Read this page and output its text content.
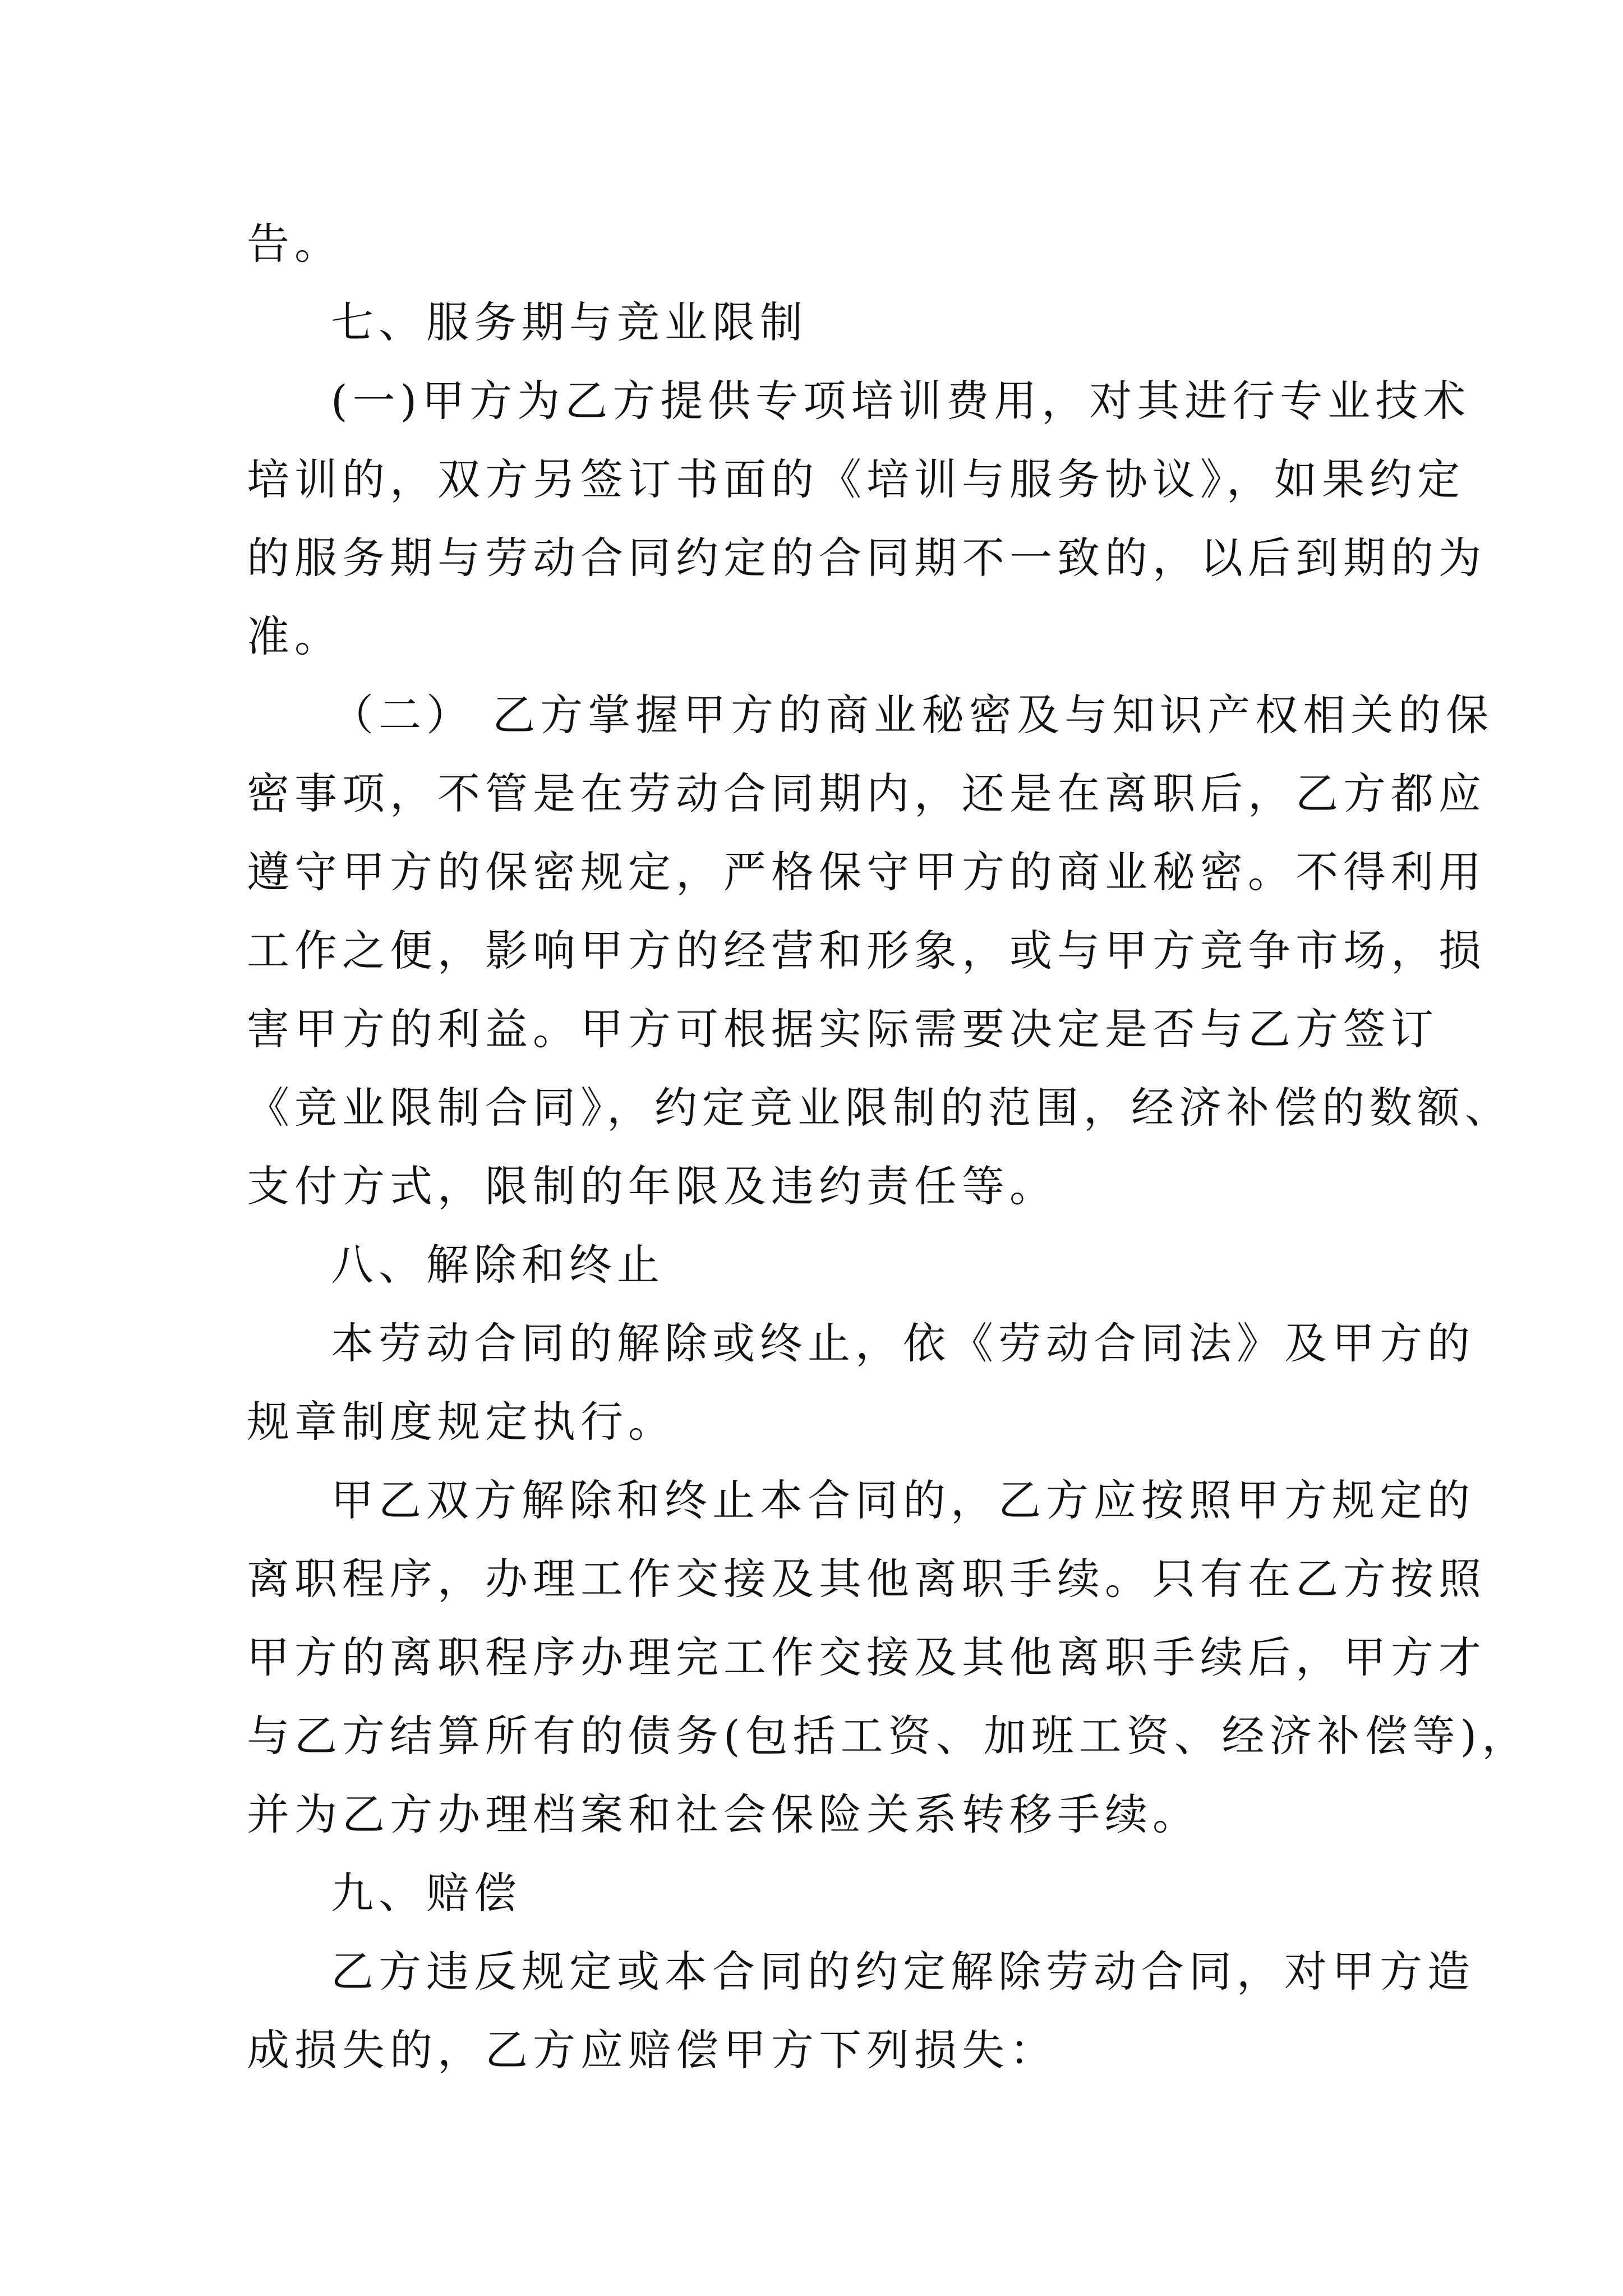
告。
七、服务期与竞业限制
(一)甲方为乙方提供专项培训费用，对其进行专业技术
培训的，双方另签订书面的《培训与服务协议》，如果约定
的服务期与劳动合同约定的合同期不一致的，以后到期的为
准。
（二） 乙方掌握甲方的商业秘密及与知识产权相关的保
密事项，不管是在劳动合同期内，还是在离职后，乙方都应
遵守甲方的保密规定，严格保守甲方的商业秘密。不得利用
工作之便，影响甲方的经营和形象，或与甲方竞争市场，损
害甲方的利益。甲方可根据实际需要决定是否与乙方签订
《竞业限制合同》，约定竞业限制的范围，经济补偿的数额、
支付方式，限制的年限及违约责任等。
八、解除和终止
本劳动合同的解除或终止，依《劳动合同法》及甲方的
规章制度规定执行。
甲乙双方解除和终止本合同的，乙方应按照甲方规定的
离职程序，办理工作交接及其他离职手续。只有在乙方按照
甲方的离职程序办理完工作交接及其他离职手续后，甲方才
与乙方结算所有的债务(包括工资、加班工资、经济补偿等)，
并为乙方办理档案和社会保险关系转移手续。
九、赔偿
乙方违反规定或本合同的约定解除劳动合同，对甲方造
成损失的，乙方应赔偿甲方下列损失：
